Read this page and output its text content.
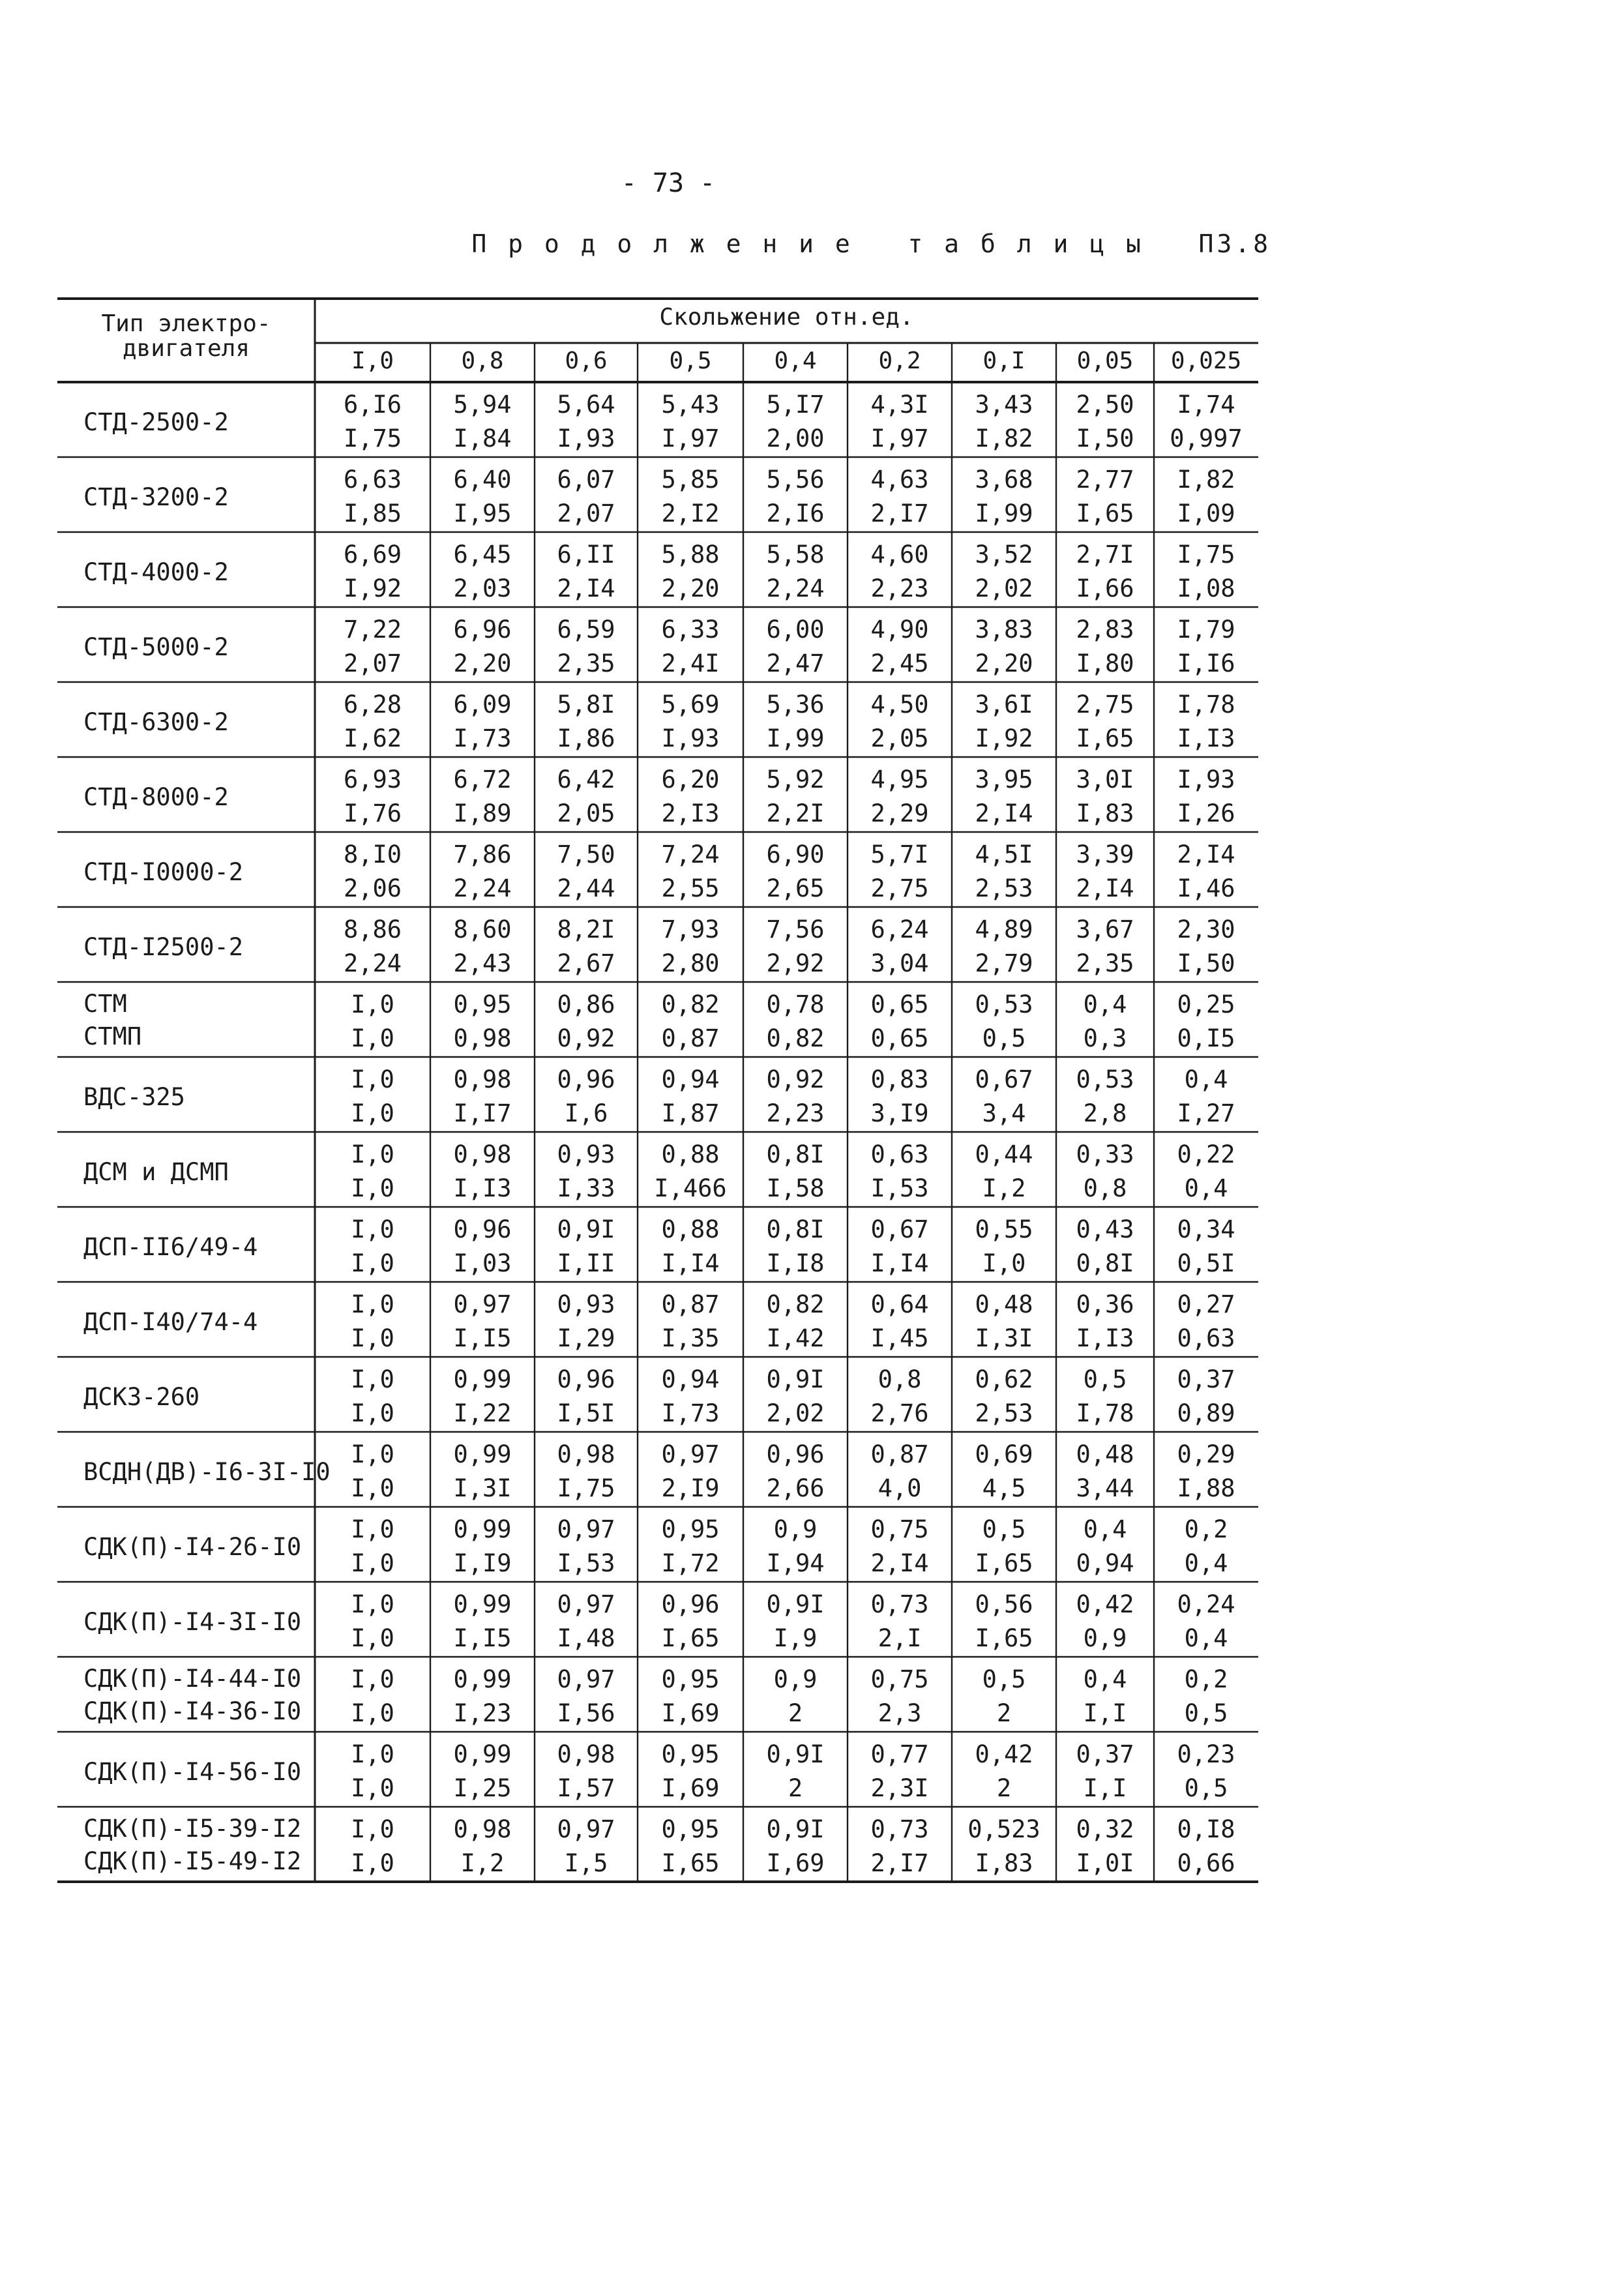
- 73 -
П р о д о л ж е н и е   т а б л и ц ы   П3.8
Тип электро-
двигателя
Скольжение отн.ед.
I,0	0,8	0,6	0,5	0,4	0,2	0,I	0,05	0,025
СТД-2500-2
6,I6	5,94	5,64	5,43	5,I7	4,3I	3,43	2,50	I,74
I,75	I,84	I,93	I,97	2,00	I,97	I,82	I,50	0,997
СТД-3200-2
6,63	6,40	6,07	5,85	5,56	4,63	3,68	2,77	I,82
I,85	I,95	2,07	2,I2	2,I6	2,I7	I,99	I,65	I,09
СТД-4000-2
6,69	6,45	6,II	5,88	5,58	4,60	3,52	2,7I	I,75
I,92	2,03	2,I4	2,20	2,24	2,23	2,02	I,66	I,08
СТД-5000-2
7,22	6,96	6,59	6,33	6,00	4,90	3,83	2,83	I,79
2,07	2,20	2,35	2,4I	2,47	2,45	2,20	I,80	I,I6
СТД-6300-2
6,28	6,09	5,8I	5,69	5,36	4,50	3,6I	2,75	I,78
I,62	I,73	I,86	I,93	I,99	2,05	I,92	I,65	I,I3
СТД-8000-2
6,93	6,72	6,42	6,20	5,92	4,95	3,95	3,0I	I,93
I,76	I,89	2,05	2,I3	2,2I	2,29	2,I4	I,83	I,26
СТД-I0000-2
8,I0	7,86	7,50	7,24	6,90	5,7I	4,5I	3,39	2,I4
2,06	2,24	2,44	2,55	2,65	2,75	2,53	2,I4	I,46
СТД-I2500-2
8,86	8,60	8,2I	7,93	7,56	6,24	4,89	3,67	2,30
2,24	2,43	2,67	2,80	2,92	3,04	2,79	2,35	I,50
СТМ
СТМП
I,0	0,95	0,86	0,82	0,78	0,65	0,53	0,4	0,25
I,0	0,98	0,92	0,87	0,82	0,65	0,5	0,3	0,I5
ВДС-325
I,0	0,98	0,96	0,94	0,92	0,83	0,67	0,53	0,4
I,0	I,I7	I,6	I,87	2,23	3,I9	3,4	2,8	I,27
ДСМ и ДСМП
I,0	0,98	0,93	0,88	0,8I	0,63	0,44	0,33	0,22
I,0	I,I3	I,33	I,466	I,58	I,53	I,2	0,8	0,4
ДСП-II6/49-4
I,0	0,96	0,9I	0,88	0,8I	0,67	0,55	0,43	0,34
I,0	I,03	I,II	I,I4	I,I8	I,I4	I,0	0,8I	0,5I
ДСП-I40/74-4
I,0	0,97	0,93	0,87	0,82	0,64	0,48	0,36	0,27
I,0	I,I5	I,29	I,35	I,42	I,45	I,3I	I,I3	0,63
ДСКЗ-260
I,0	0,99	0,96	0,94	0,9I	0,8	0,62	0,5	0,37
I,0	I,22	I,5I	I,73	2,02	2,76	2,53	I,78	0,89
ВСДН(ДВ)-I6-3I-I0
I,0	0,99	0,98	0,97	0,96	0,87	0,69	0,48	0,29
I,0	I,3I	I,75	2,I9	2,66	4,0	4,5	3,44	I,88
СДК(П)-I4-26-I0
I,0	0,99	0,97	0,95	0,9	0,75	0,5	0,4	0,2
I,0	I,I9	I,53	I,72	I,94	2,I4	I,65	0,94	0,4
СДК(П)-I4-3I-I0
I,0	0,99	0,97	0,96	0,9I	0,73	0,56	0,42	0,24
I,0	I,I5	I,48	I,65	I,9	2,I	I,65	0,9	0,4
СДК(П)-I4-44-I0
СДК(П)-I4-36-I0
I,0	0,99	0,97	0,95	0,9	0,75	0,5	0,4	0,2
I,0	I,23	I,56	I,69	2	2,3	2	I,I	0,5
СДК(П)-I4-56-I0
I,0	0,99	0,98	0,95	0,9I	0,77	0,42	0,37	0,23
I,0	I,25	I,57	I,69	2	2,3I	2	I,I	0,5
СДК(П)-I5-39-I2
СДК(П)-I5-49-I2
I,0	0,98	0,97	0,95	0,9I	0,73	0,523	0,32	0,I8
I,0	I,2	I,5	I,65	I,69	2,I7	I,83	I,0I	0,66
